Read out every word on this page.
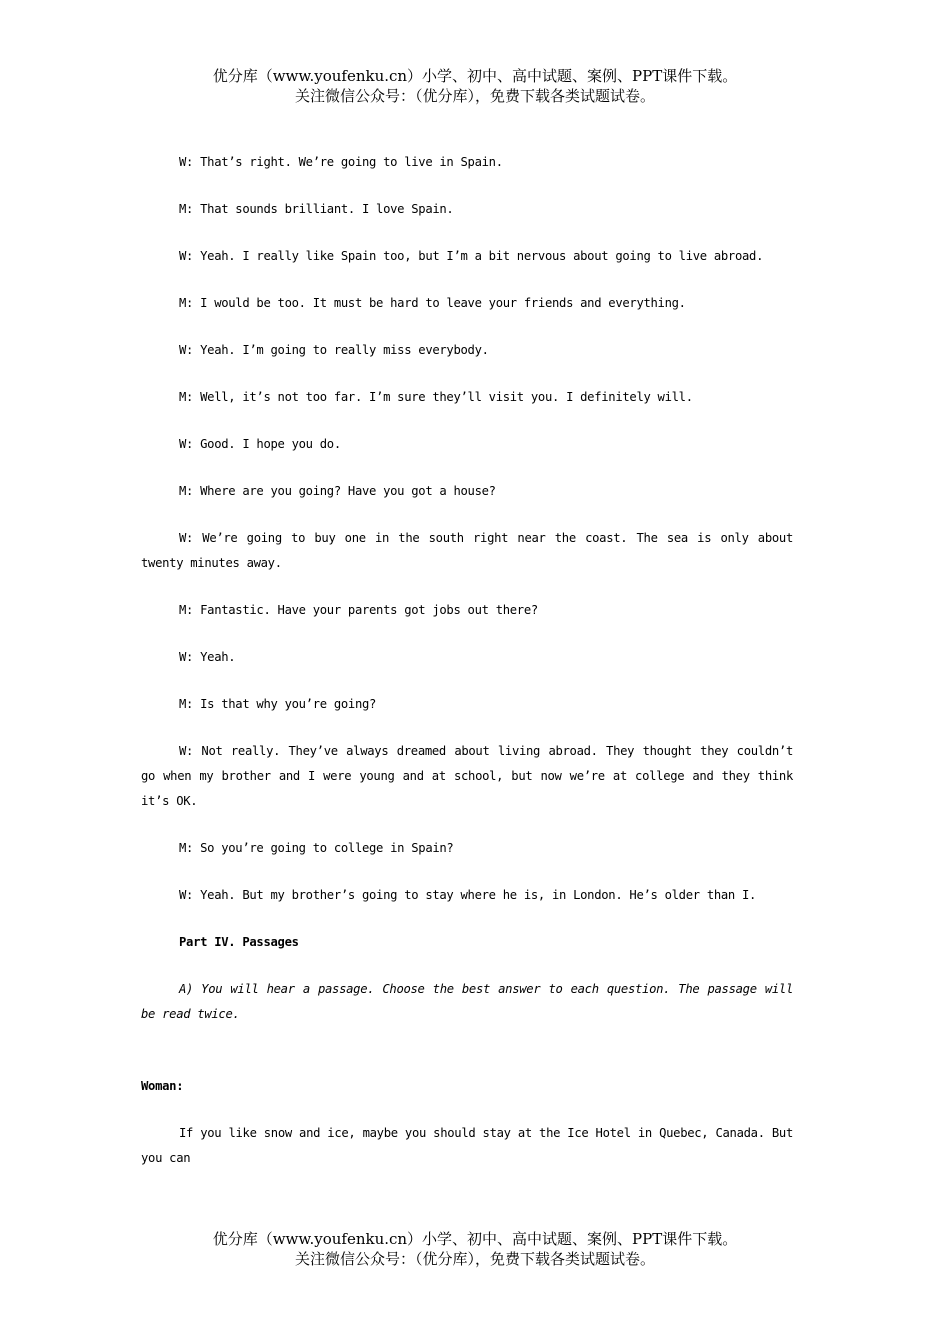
优分库（www.youfenku.cn）小学、初中、高中试题、案例、PPT课件下载。
关注微信公众号：（优分库），免费下载各类试题试卷。

W: That’s right. We’re going to live in Spain.

M: That sounds brilliant. I love Spain.

W: Yeah. I really like Spain too, but I’m a bit nervous about going to live abroad.

M: I would be too. It must be hard to leave your friends and everything.

W: Yeah. I’m going to really miss everybody.

M: Well, it’s not too far. I’m sure they’ll visit you. I definitely will.

W: Good. I hope you do.

M: Where are you going? Have you got a house?

W: We’re going to buy one in the south right near the coast. The sea is only about twenty minutes away.

M: Fantastic. Have your parents got jobs out there?

W: Yeah.

M: Is that why you’re going?

W: Not really. They’ve always dreamed about living abroad. They thought they couldn’t go when my brother and I were young and at school, but now we’re at college and they think it’s OK.

M: So you’re going to college in Spain?

W: Yeah. But my brother’s going to stay where he is, in London. He’s older than I.

Part IV. Passages

A) You will hear a passage. Choose the best answer to each question. The passage will be read twice.

Woman:

If you like snow and ice, maybe you should stay at the Ice Hotel in Quebec, Canada. But you can

优分库（www.youfenku.cn）小学、初中、高中试题、案例、PPT课件下载。
关注微信公众号：（优分库），免费下载各类试题试卷。
